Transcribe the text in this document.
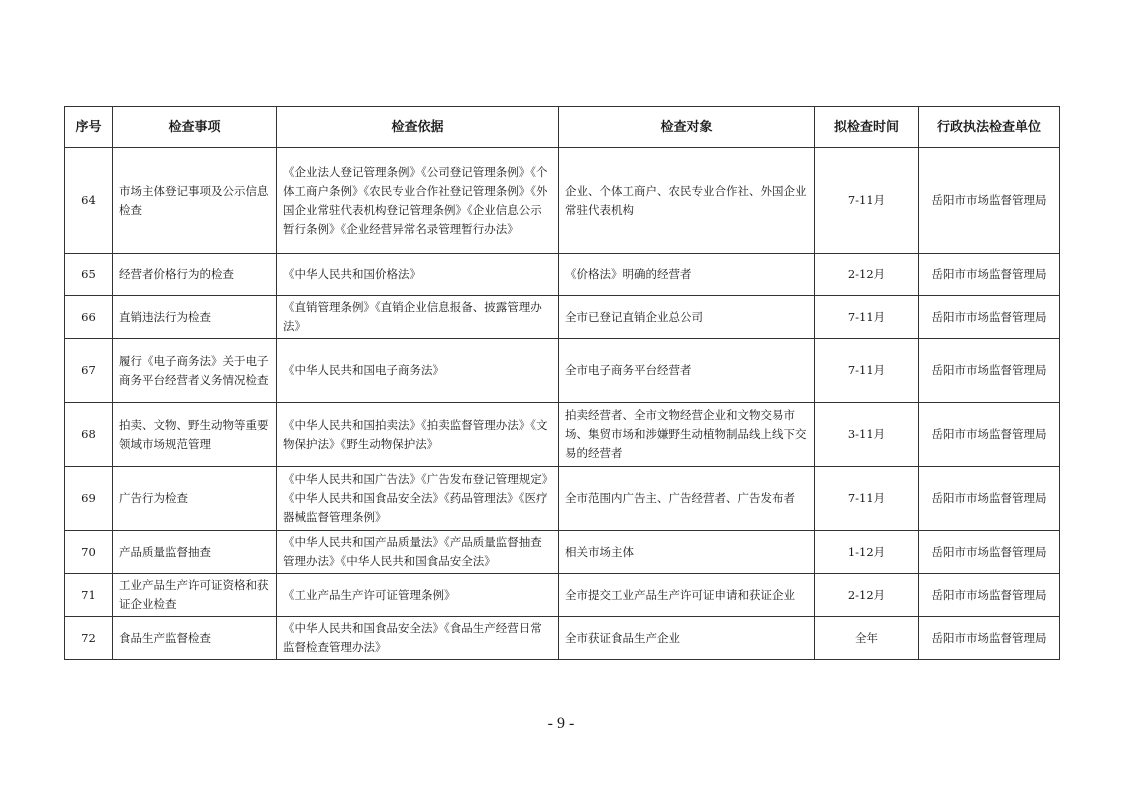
序号	检查事项	检查依据	检查对象	拟检查时间	行政执法检查单位
64	市场主体登记事项及公示信息检查	《企业法人登记管理条例》《公司登记管理条例》《个体工商户条例》《农民专业合作社登记管理条例》《外国企业常驻代表机构登记管理条例》《企业信息公示暂行条例》《企业经营异常名录管理暂行办法》	企业、个体工商户、农民专业合作社、外国企业常驻代表机构	7-11月	岳阳市市场监督管理局
65	经营者价格行为的检查	《中华人民共和国价格法》	《价格法》明确的经营者	2-12月	岳阳市市场监督管理局
66	直销违法行为检查	《直销管理条例》《直销企业信息报备、披露管理办法》	全市已登记直销企业总公司	7-11月	岳阳市市场监督管理局
67	履行《电子商务法》关于电子商务平台经营者义务情况检查	《中华人民共和国电子商务法》	全市电子商务平台经营者	7-11月	岳阳市市场监督管理局
68	拍卖、文物、野生动物等重要领域市场规范管理	《中华人民共和国拍卖法》《拍卖监督管理办法》《文物保护法》《野生动物保护法》	拍卖经营者、全市文物经营企业和文物交易市场、集贸市场和涉嫌野生动植物制品线上线下交易的经营者	3-11月	岳阳市市场监督管理局
69	广告行为检查	《中华人民共和国广告法》《广告发布登记管理规定》《中华人民共和国食品安全法》《药品管理法》《医疗器械监督管理条例》	全市范围内广告主、广告经营者、广告发布者	7-11月	岳阳市市场监督管理局
70	产品质量监督抽查	《中华人民共和国产品质量法》《产品质量监督抽查管理办法》《中华人民共和国食品安全法》	相关市场主体	1-12月	岳阳市市场监督管理局
71	工业产品生产许可证资格和获证企业检查	《工业产品生产许可证管理条例》	全市提交工业产品生产许可证申请和获证企业	2-12月	岳阳市市场监督管理局
72	食品生产监督检查	《中华人民共和国食品安全法》《食品生产经营日常监督检查管理办法》	全市获证食品生产企业	全年	岳阳市市场监督管理局
- 9 -
